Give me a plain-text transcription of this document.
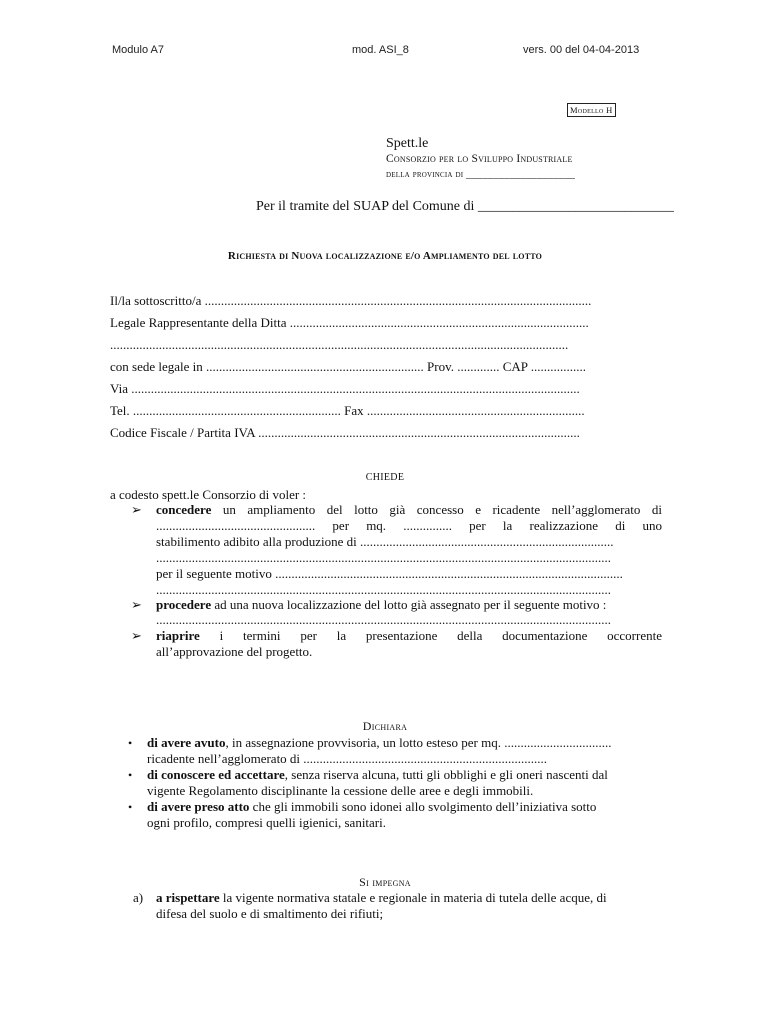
Modulo A7	mod. ASI_8	vers. 00 del 04-04-2013
Modello H
Spett.le
Consorzio per lo Sviluppo Industriale
della provincia di ____________________
Per il tramite del SUAP del Comune di ____________________________
Richiesta di Nuova localizzazione e/o Ampliamento del lotto
Il/la sottoscritto/a .......................................................................................................................
Legale Rappresentante della Ditta ............................................................................................
.............................................................................................................................................
con sede legale in ................................................................... Prov. ............. CAP .................
Via ..........................................................................................................................................
Tel. ................................................................ Fax ...................................................................
Codice Fiscale / Partita IVA ...................................................................................................
CHIEDE
a codesto spett.le Consorzio di voler :
➢ concedere un ampliamento del lotto già concesso e ricadente nell’agglomerato di
................................................. per mq. ............... per la realizzazione di uno
stabilimento adibito alla produzione di ..............................................................................
............................................................................................................................................
per il seguente motivo ...........................................................................................................
............................................................................................................................................
➢ procedere ad una nuova localizzazione del lotto già assegnato per il seguente motivo :
............................................................................................................................................
➢ riaprire i termini per la presentazione della documentazione occorrente
all’approvazione del progetto.
Dichiara
• di avere avuto, in assegnazione provvisoria, un lotto esteso per mq. .................................
ricadente nell’agglomerato di ...........................................................................
• di conoscere ed accettare, senza riserva alcuna, tutti gli obblighi e gli oneri nascenti dal
vigente Regolamento disciplinante la cessione delle aree e degli immobili.
• di avere preso atto che gli immobili sono idonei allo svolgimento dell’iniziativa sotto
ogni profilo, compresi quelli igienici, sanitari.
Si impegna
a) a rispettare la vigente normativa statale e regionale in materia di tutela delle acque, di
difesa del suolo e di smaltimento dei rifiuti;
